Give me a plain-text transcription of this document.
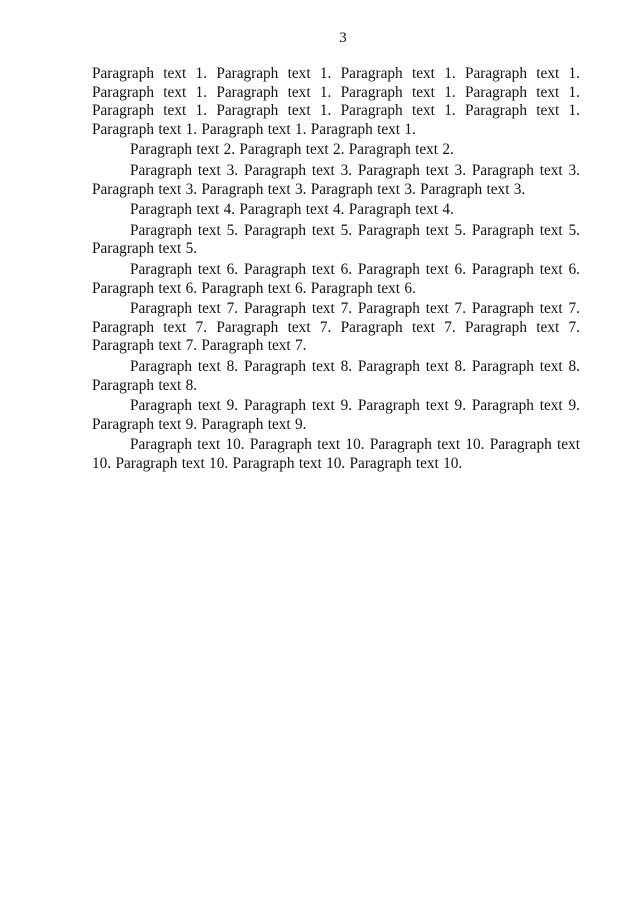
3

Paragraph text 1. Paragraph text 1. Paragraph text 1. Paragraph text 1. Paragraph text 1. Paragraph text 1. Paragraph text 1. Paragraph text 1. Paragraph text 1. Paragraph text 1. Paragraph text 1. Paragraph text 1. Paragraph text 1. Paragraph text 1. Paragraph text 1.

Paragraph text 2. Paragraph text 2. Paragraph text 2.

Paragraph text 3. Paragraph text 3. Paragraph text 3. Paragraph text 3. Paragraph text 3. Paragraph text 3. Paragraph text 3. Paragraph text 3.

Paragraph text 4. Paragraph text 4. Paragraph text 4.

Paragraph text 5. Paragraph text 5. Paragraph text 5. Paragraph text 5. Paragraph text 5.

Paragraph text 6. Paragraph text 6. Paragraph text 6. Paragraph text 6. Paragraph text 6. Paragraph text 6. Paragraph text 6.

Paragraph text 7. Paragraph text 7. Paragraph text 7. Paragraph text 7. Paragraph text 7. Paragraph text 7. Paragraph text 7. Paragraph text 7. Paragraph text 7. Paragraph text 7.

Paragraph text 8. Paragraph text 8. Paragraph text 8. Paragraph text 8. Paragraph text 8.

Paragraph text 9. Paragraph text 9. Paragraph text 9. Paragraph text 9. Paragraph text 9. Paragraph text 9.

Paragraph text 10. Paragraph text 10. Paragraph text 10. Paragraph text 10. Paragraph text 10. Paragraph text 10. Paragraph text 10.
